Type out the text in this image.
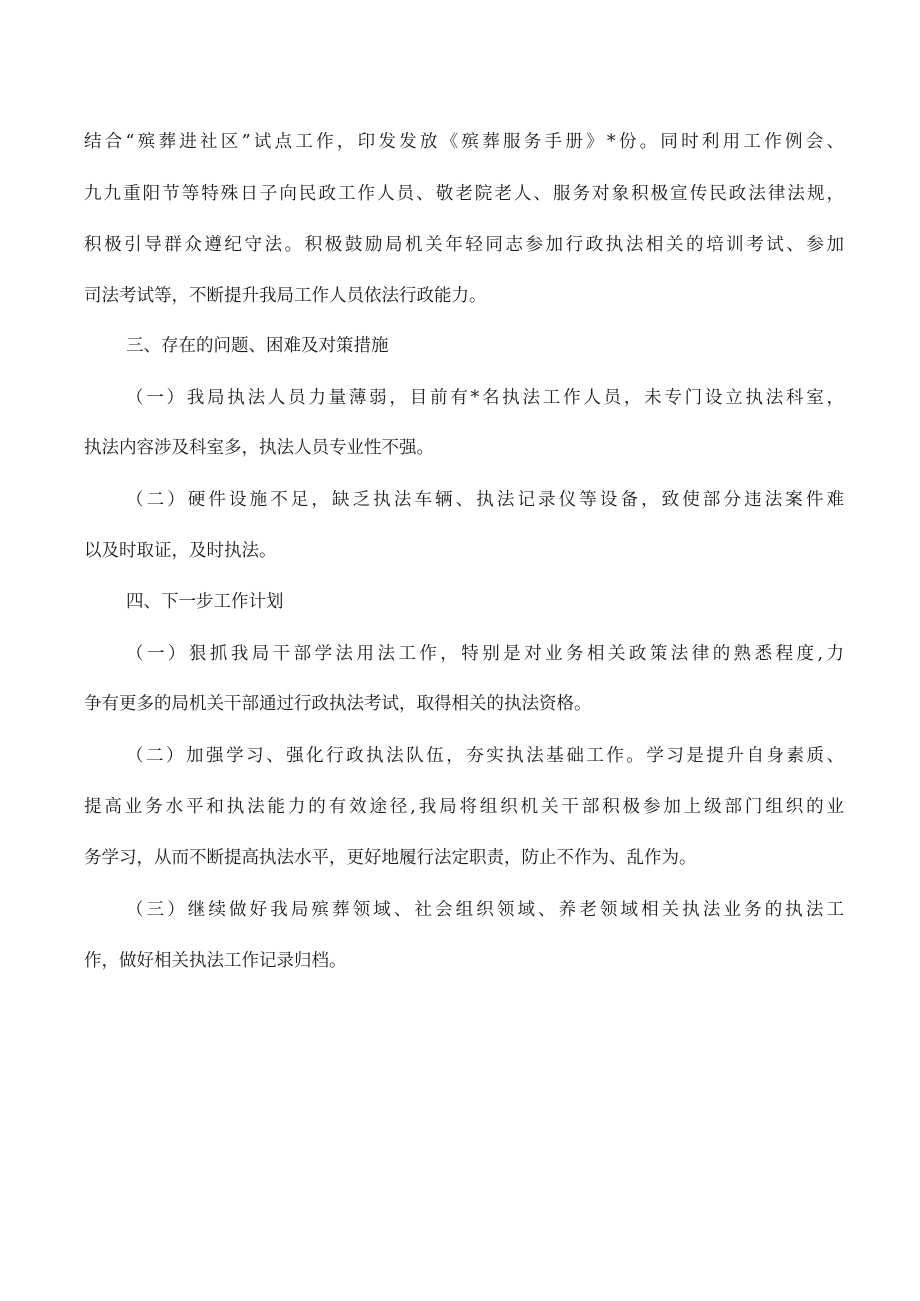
结合“殡葬进社区”试点工作，印发发放《殡葬服务手册》*份。同时利用工作例会、
九九重阳节等特殊日子向民政工作人员、敬老院老人、服务对象积极宣传民政法律法规，
积极引导群众遵纪守法。积极鼓励局机关年轻同志参加行政执法相关的培训考试、参加
司法考试等，不断提升我局工作人员依法行政能力。
三、存在的问题、困难及对策措施
（一）我局执法人员力量薄弱，目前有*名执法工作人员，未专门设立执法科室，
执法内容涉及科室多，执法人员专业性不强。
（二）硬件设施不足，缺乏执法车辆、执法记录仪等设备，致使部分违法案件难
以及时取证，及时执法。
四、下一步工作计划
（一）狠抓我局干部学法用法工作，特别是对业务相关政策法律的熟悉程度,力
争有更多的局机关干部通过行政执法考试，取得相关的执法资格。
（二）加强学习、强化行政执法队伍，夯实执法基础工作。学习是提升自身素质、
提高业务水平和执法能力的有效途径,我局将组织机关干部积极参加上级部门组织的业
务学习，从而不断提高执法水平，更好地履行法定职责，防止不作为、乱作为。
（三）继续做好我局殡葬领域、社会组织领域、养老领域相关执法业务的执法工
作，做好相关执法工作记录归档。
